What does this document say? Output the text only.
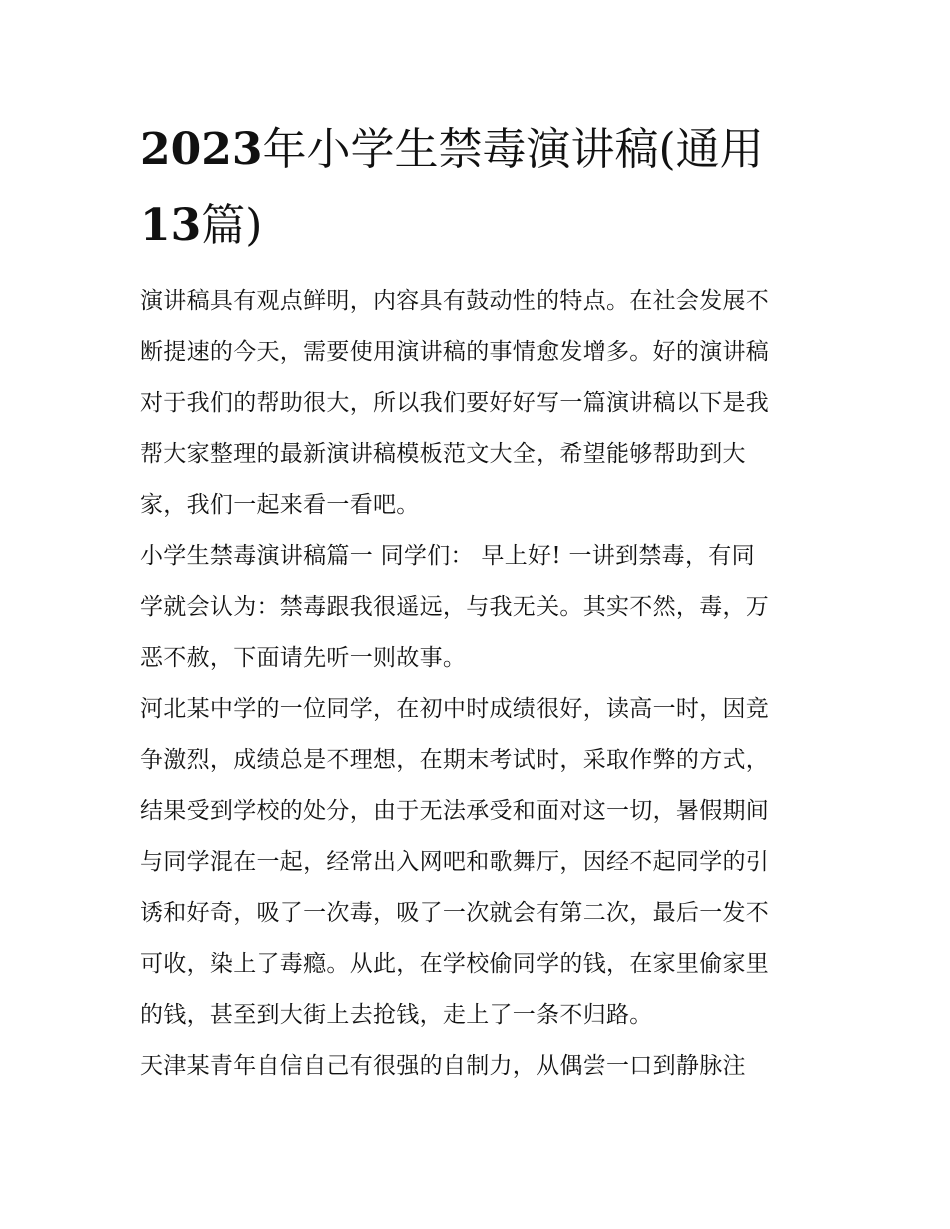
2023年小学生禁毒演讲稿(通用
13篇)

演讲稿具有观点鲜明，内容具有鼓动性的特点。在社会发展不
断提速的今天，需要使用演讲稿的事情愈发增多。好的演讲稿
对于我们的帮助很大，所以我们要好好写一篇演讲稿以下是我
帮大家整理的最新演讲稿模板范文大全，希望能够帮助到大
家，我们一起来看一看吧。

小学生禁毒演讲稿篇一 同学们： 早上好! 一讲到禁毒，有同
学就会认为：禁毒跟我很遥远，与我无关。其实不然，毒，万
恶不赦，下面请先听一则故事。

河北某中学的一位同学，在初中时成绩很好，读高一时，因竞
争激烈，成绩总是不理想，在期末考试时，采取作弊的方式，
结果受到学校的处分，由于无法承受和面对这一切，暑假期间
与同学混在一起，经常出入网吧和歌舞厅，因经不起同学的引
诱和好奇，吸了一次毒，吸了一次就会有第二次，最后一发不
可收，染上了毒瘾。从此，在学校偷同学的钱，在家里偷家里
的钱，甚至到大街上去抢钱，走上了一条不归路。

天津某青年自信自己有很强的自制力，从偶尝一口到静脉注
